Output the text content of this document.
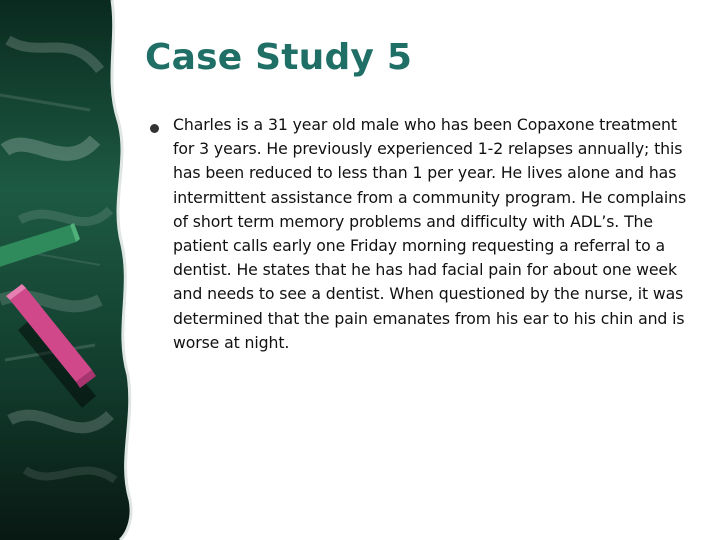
Case Study 5

Charles is a 31 year old male who has been Copaxone treatment for 3 years. He previously experienced 1-2 relapses annually; this has been reduced to less than 1 per year. He lives alone and has intermittent assistance from a community program. He complains of short term memory problems and difficulty with ADL’s. The patient calls early one Friday morning requesting a referral to a dentist. He states that he has had facial pain for about one week and needs to see a dentist. When questioned by the nurse, it was determined that the pain emanates from his ear to his chin and is worse at night.
